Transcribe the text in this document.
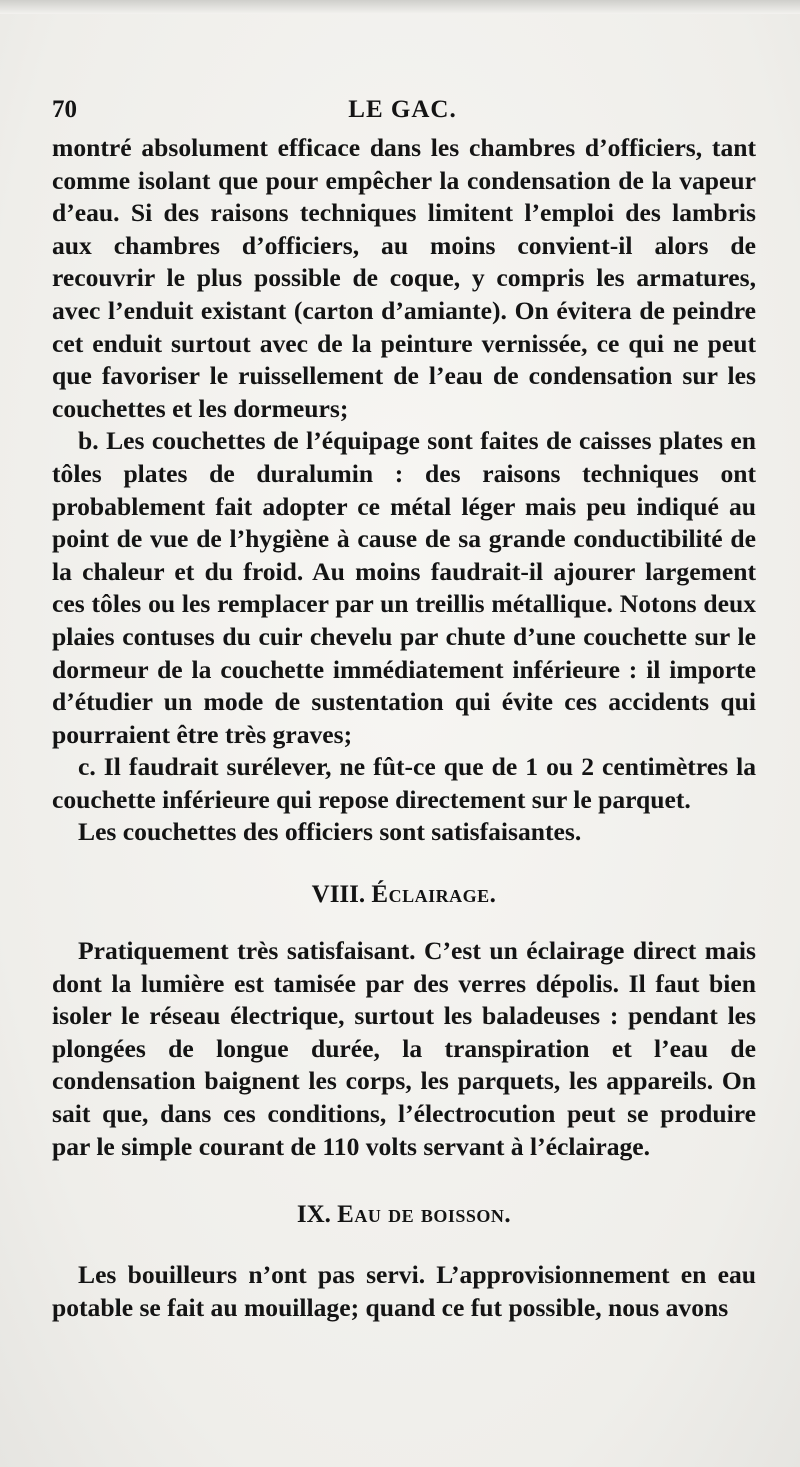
70	LE GAC.

montré absolument efficace dans les chambres d’officiers, tant comme isolant que pour empêcher la condensation de la vapeur d’eau. Si des raisons techniques limitent l’emploi des lambris aux chambres d’officiers, au moins convient-il alors de recouvrir le plus possible de coque, y compris les armatures, avec l’enduit existant (carton d’amiante). On évitera de peindre cet enduit surtout avec de la peinture vernissée, ce qui ne peut que favoriser le ruissellement de l’eau de condensation sur les couchettes et les dormeurs;

b. Les couchettes de l’équipage sont faites de caisses plates en tôles plates de duralumin : des raisons techniques ont probablement fait adopter ce métal léger mais peu indiqué au point de vue de l’hygiène à cause de sa grande conductibilité de la chaleur et du froid. Au moins faudrait-il ajourer largement ces tôles ou les remplacer par un treillis métallique. Notons deux plaies contuses du cuir chevelu par chute d’une couchette sur le dormeur de la couchette immédiatement inférieure : il importe d’étudier un mode de sustentation qui évite ces accidents qui pourraient être très graves;

c. Il faudrait surélever, ne fût-ce que de 1 ou 2 centimètres la couchette inférieure qui repose directement sur le parquet.

Les couchettes des officiers sont satisfaisantes.

VIII. Éclairage.

Pratiquement très satisfaisant. C’est un éclairage direct mais dont la lumière est tamisée par des verres dépolis. Il faut bien isoler le réseau électrique, surtout les baladeuses : pendant les plongées de longue durée, la transpiration et l’eau de condensation baignent les corps, les parquets, les appareils. On sait que, dans ces conditions, l’électrocution peut se produire par le simple courant de 110 volts servant à l’éclairage.

IX. Eau de boisson.

Les bouilleurs n’ont pas servi. L’approvisionnement en eau potable se fait au mouillage; quand ce fut possible, nous avons
